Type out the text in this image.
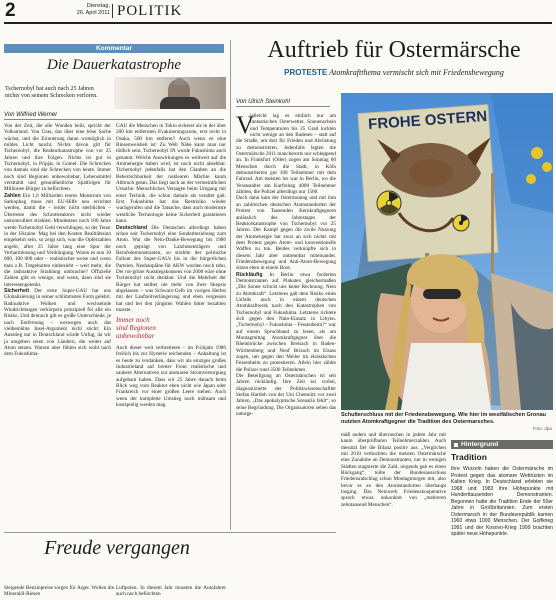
2	Dienstag,
26. April 2011 POLITIK
Kommentar
Die Dauerkatastrophe
Tschernobyl hat auch nach 25 Jahren nichts von seinem Schrecken verloren.
Von Wilfried Werner
Von der Zeit, die alle Wunden heilt, spricht der Volksmund. Von Gras, das über eine böse Sache wächst, und die Erinnerung daran womöglich in mildes Licht taucht. Nichts davon gilt für Tschernobyl, die Reaktorkatastrophe von vor 25 Jahren und ihre Folgen. Nichts ist gut in Tschernobyl, in Pripjat, in Gomel. Die Schrecken von damals sind die Schrecken von heute. Immer noch sind Regionen unbewohnbar, Lebensmittel verstrahlt und gesundheitliche Spätfolgen für Millionen Bürger zu befürchten.
Zahlen Ein 1,6 Milliarden teures Monstrum von Sarkophag muss mit EU-Hilfe neu errichtet werden, damit die – leider nicht sterblichen – Überreste des Schrottreaktors nicht wieder unkontrolliert strahlen. Mindestens noch 100 Jahre werde Tschernobyl Geld verschlingen, so der Tenor in der Ukraine. Mag bei den Kosten Realitätssinn eingekehrt sein, so zeigt sich, was die Opferzahlen angeht, after 25 Jahre lang eine Spur der Verharmlosung und Verdrängung. Waren es nun 10 000, 100 000 oder – realistischer weise und wenn man z.B. Totgeburten einbezieht – weit mehr, die die radioaktive Strahlung umbrachte? Offizielle Zahlen gibt es wenige, und wenn, dann sind sie interessengelenkt.
Sicherheit Der erste Super-GAU hat uns Globalisierung in seiner schlimmsten Form gelehrt. Radioaktive Wolken und wechselnde Windrichtungen verkörpern prinzipiell für alle ein Risiko. Und dennoch gilt es große Unterschiede, je nach Entfernung – weswegen auch das vielbemühte Insel-Argument nicht sticht: Ein Ausstieg nur in Deutschland würde Unfug, da wir ja umgeben seien von Ländern, die weiter auf Atom setzen. Warum aber fühlen sich wohl nach dem Fukushima-
GAU die Menschen in Tokio sicherer als in der über 200 km entfernten Evakuierungszone, erst recht in Osaka, 500 km entfernt? Auch wenn es eine Binsenweisheit ist: Zu Welt Nähe kann man nur tödlich sein. Tschernobyl IN wurde Fukushima auch genannt. Welche Auswirkungen es weltweit auf die Atomenergie haben wird, ist noch nicht absehbar. Tschernobyl jedenfalls hat den Glauben an die Beherrschbarkeit der nuklearen Mächte kaum Abbruch getan. Das liegt auch an der vermeintlichen Ursache: Menschliches Versagen beim Umgang mit einer Technik, die schon damals als veraltet galt. Erst Fukushima hat das Restrisiko wieder wachgerufen und die Tatsache, dass auch modernste westliche Technologie keine Sicherheit garantieren kann.
Deutschland Die Deutschen allerdings haben schon seit Tschernobyl eine Sonderbeziehung zum Atom. War die Nein-Danke-Bewegung bis 1986 noch geprägt von Latzhosenträgern und Berufsdemonstranten, so strahlte der politische Fallout des Super-GAUs bis in die bürgerlichen Parteien. Neubaupläne für AKW wurden rasch tabu. Der rot-grüne Ausstiegskonsens von 2000 wäre ohne Tschernobyl nicht denkbar. Und die Mehrheit der Bürger hat seither nie mehr von ihrer Skepsis abgelassen – was Schwarz-Gelb im vorigen Herbst mit der Laufzeitverlängerung und eben vergessen hat und bei den jüngsten Wahlen bitter bezahlen musste.
Immer noch sind Regionen unbewohnbar
Auch dieser weit verbreiteten – im Frühjahr 1986 freilich bis zur Hysterie reichenden – Anhaltung ist es heute zu verdanken, dass wir als einziges großes Industrieland auf breiter Front realistische und saubere Alternativen zur atomaren Stromversorgung aufgebaut haben. Dass wir 25 Jahre danach beim Blick weg vom Reaktor eben nicht wie Japan oder Frankreich vor einer großen Leere stehen. Auch wenn der komplette Umstieg noch mühsam und kostspielig werden mag.
Auftrieb für Ostermärsche
PROTESTE Atomkraftthema vermischt sich mit Friedensbewegung
Von Ulrich Steinkohl
V
ielleicht lag es einfach nur am fantastischen Osterwetter. Sonnenschein und Temperaturen bis 25 Grad lockten nicht wenige an den Badesee – statt auf die Straße, um dort für Frieden und Abrüstung zu demonstrieren. Jedenfalls legten die Ostermärsche 2011 mancherorts nur schleppend an. In Frankfurt (Oder) zogen am Sonntag 60 Menschen durch die Stadt, in Köln demonstrierten gut 100 Teilnehmer mit dem Fahrrad. Am meisten los war in Berlin, wo die Veranstalter am Karfreitag 4000 Teilnehmer zählten, die Polizei allerdings nur 1500.
Doch dann kam der Ostermontag und mit ihm an zahlreichen deutschen Atomstandorten der Protest von Tausenden Kernkraftgegnern anlässlich des Jahrestages der Reaktorkatastrophe von Tschernobyl vor 25 Jahren. Der Kampf gegen die zivile Nutzung der Atomenergie hat zwar an sich nichts mit dem Protest gegen Atom- und konventionelle Waffen zu tun. Beides verknüpfte sich in diesem Jahr aber untrennbar miteinander. Friedensbewegung und Anti-Atom-Bewegung sitzen eben in einem Boot.
Rückläufig In Berlin etwa forderten Demonstranten auf Plakaten gleichermaßen „Die Sonne schickt uns keine Rechnung. Nein zu Atomkraft“. Letzteres galt dem Risiko eines Unfalls auch in einem deutschen Atomkraftwerk nach den Katastrophen von Tschernobyl und Fukushima. Letzteres richtete sich gegen den Nato-Einsatz in Libyen. „Tschernobyl – Fukushima – Fessenheim?“ war auf einem Spruchband zu lesen, als am Montagmittag Atomkraftgegner über die Rheinbrücke zwischen Breisach in Baden-Württemberg und Neuf Brisach im Elsass zogen, um gegen den Meiler im elsässischen Fessenheim zu protestieren. Allein hier zählte die Polizei rund 3500 Teilnehmer.
Die Beteiligung an Ostermärschen ist seit Jahren rückläufig. Ihre Zeit sei vorbei, diagnostizierte der Politikwissenschaftler Stefan Hartleb von der Uni Chemnitz vor zwei Jahren. „Das apokalyptische Szenario fehlt“, so seine Begründung. Die Organisatoren sehen das naturge-
FROHE OSTERN
Schulterschluss mit der Friedensbewegung. Wie hier im westfälischen Gronau nutzten Atomkraftgegner die Tradition des Ostermarsches.
Foto: dpa
mäß anders und überraschen in jedem Jahr mit kaum überprüfbaren Teilnehmerzahlen. Auch diesmal fiel die Bilanz positiv aus. „Verglichen mit 2010 verbuchten die meisten Ostermärsche eine Zunahme an Demonstranten, nur in wenigen Städten stagnierte die Zahl, nirgends gab es einen Rückgang“, teilte der Bundesausschuss Friedensratschlag schon Montagmorgen mit, also bevor es an den Atomstandorten überhaupt losging. Das Netzwerk Friedenskooperative sprach etwas unkonkret von „mehreren zehntausend Menschen“.
$^{Hintergrund}$
Tradition
Ihre Wurzeln haben die Ostermärsche im Protest gegen das atomare Wettrüsten im Kalten Krieg. In Deutschland erlebten sie 1968 und 1983 ihre Höhepunkte mit Hunderttausenden Demonstranten. Begonnen hatte die Tradition Ende der 50er Jahre in Großbritannien. Zum ersten Ostermarsch in der Bundesrepublik kamen 1960 etwa 1000 Menschen. Der Golfkrieg 1991 und der Kosovo-Krieg 1999 brachten später neue Höhepunkte.
Freude vergangen
Steigende Benzinpreise sorgen für Ärger. Wollen die Mineralöl-Riesen
Luftpolen. In diesem Jahr mussten die Autofahrer auch noch befürchten
